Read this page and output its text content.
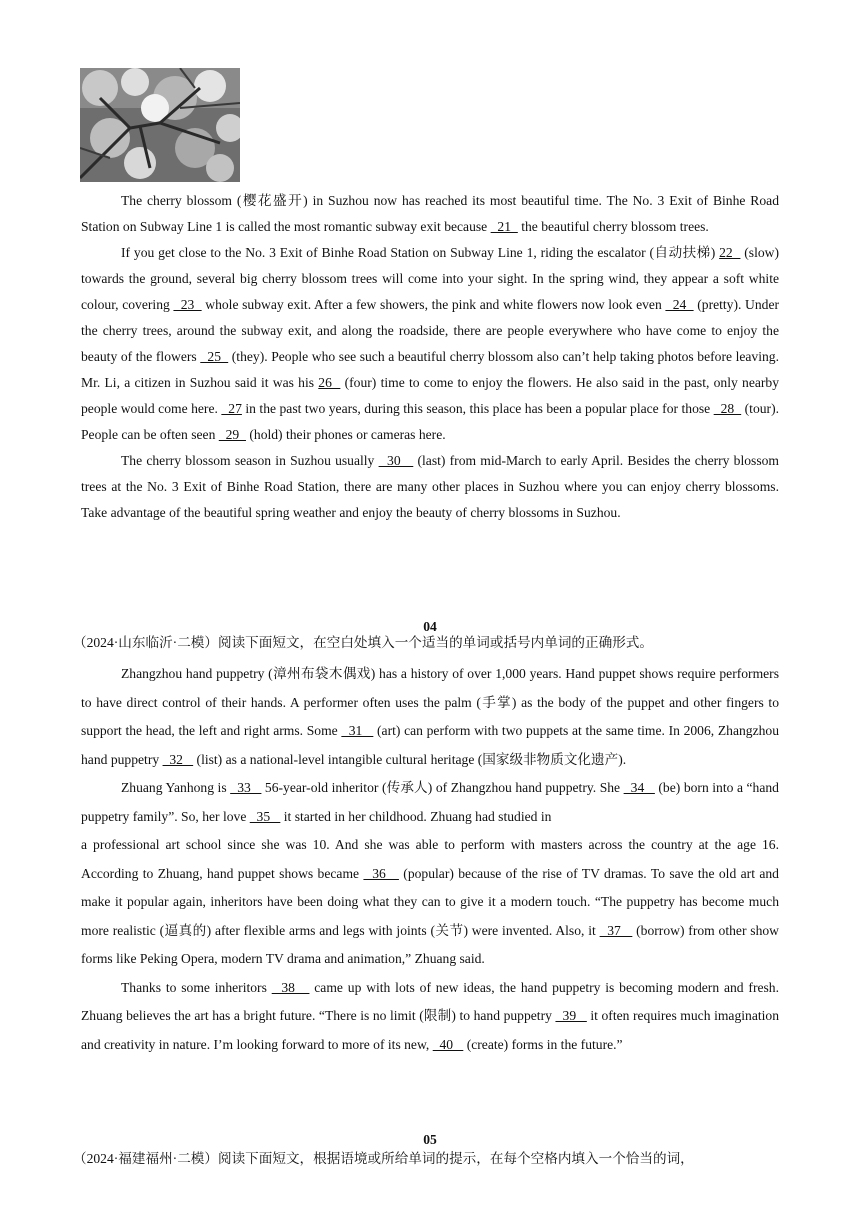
The cherry blossom (樱花盛开) in Suzhou now has reached its most beautiful time. The No. 3 Exit of Binhe Road Station on Subway Line 1 is called the most romantic subway exit because   21   the beautiful cherry blossom trees.

If you get close to the No. 3 Exit of Binhe Road Station on Subway Line 1, riding the escalator (自动扶梯) 22   (slow) towards the ground, several big cherry blossom trees will come into your sight. In the spring wind, they appear a soft white colour, covering   23   whole subway exit. After a few showers, the pink and white flowers now look even   24   (pretty). Under the cherry trees, around the subway exit, and along the roadside, there are people everywhere who have come to enjoy the beauty of the flowers   25   (they). People who see such a beautiful cherry blossom also can’t help taking photos before leaving. Mr. Li, a citizen in Suzhou said it was his 26   (four) time to come to enjoy the flowers. He also said in the past, only nearby people would come here.   27 in the past two years, during this season, this place has been a popular place for those   28   (tour). People can be often seen   29   (hold) their phones or cameras here.

The cherry blossom season in Suzhou usually   30    (last) from mid-March to early April. Besides the cherry blossom trees at the No. 3 Exit of Binhe Road Station, there are many other places in Suzhou where you can enjoy cherry blossoms. Take advantage of the beautiful spring weather and enjoy the beauty of cherry blossoms in Suzhou.

04
（2024·山东临沂·二模）阅读下面短文，在空白处填入一个适当的单词或括号内单词的正确形式。

Zhangzhou hand puppetry (漳州布袋木偶戏) has a history of over 1,000 years. Hand puppet shows require performers to have direct control of their hands. A performer often uses the palm (手掌) as the body of the puppet and other fingers to support the head, the left and right arms. Some   31    (art) can perform with two puppets at the same time. In 2006, Zhangzhou hand puppetry   32    (list) as a national-level intangible cultural heritage (国家级非物质文化遗产).

Zhuang Yanhong is   33    56-year-old inheritor (传承人) of Zhangzhou hand puppetry. She   34    (be) born into a “hand puppetry family”. So, her love   35    it started in her childhood. Zhuang had studied in

a professional art school since she was 10. And she was able to perform with masters across the country at the age 16. According to Zhuang, hand puppet shows became   36    (popular) because of the rise of TV dramas. To save the old art and make it popular again, inheritors have been doing what they can to give it a modern touch. “The puppetry has become much more realistic (逼真的) after flexible arms and legs with joints (关节) were invented. Also, it   37    (borrow) from other show forms like Peking Opera, modern TV drama and animation,” Zhuang said.

Thanks to some inheritors   38    came up with lots of new ideas, the hand puppetry is becoming modern and fresh. Zhuang believes the art has a bright future. “There is no limit (限制) to hand puppetry   39    it often requires much imagination and creativity in nature. I’m looking forward to more of its new,   40    (create) forms in the future.”

05
（2024·福建福州·二模）阅读下面短文，根据语境或所给单词的提示，在每个空格内填入一个恰当的词，
